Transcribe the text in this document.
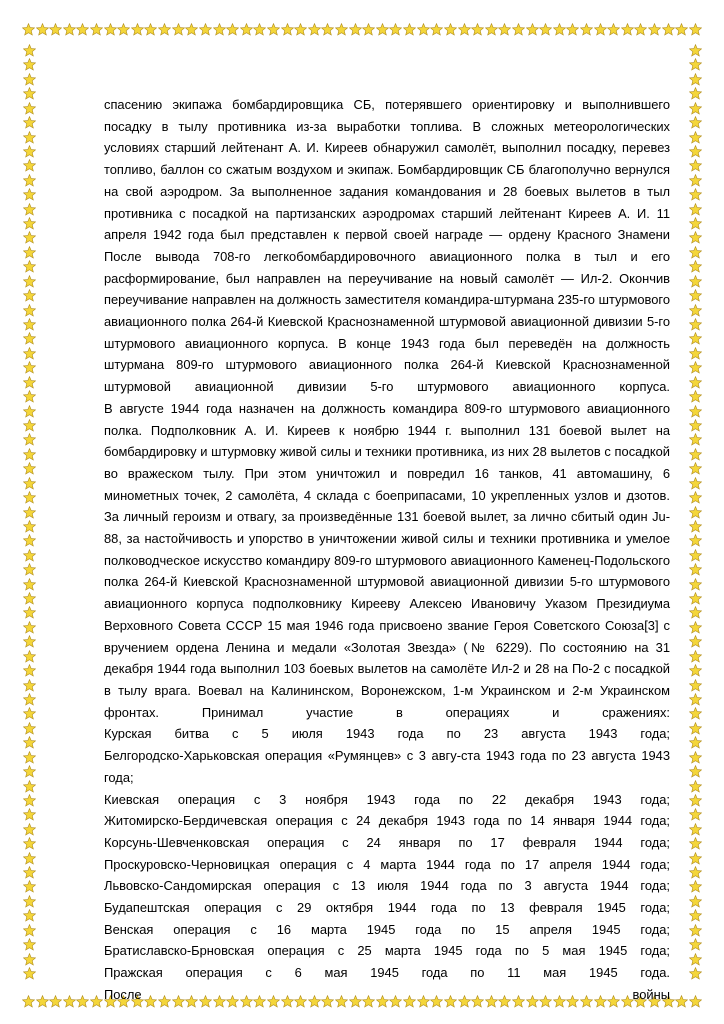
спасению экипажа бомбардировщика СБ, потерявшего ориентировку и выполнившего посадку в тылу противника из-за выработки топлива. В сложных метеорологических условиях старший лейтенант А. И. Киреев обнаружил самолёт, выполнил посадку, перевез топливо, баллон со сжатым воздухом и экипаж. Бомбардировщик СБ благополучно вернулся на свой аэродром. За выполненное задания командования и 28 боевых вылетов в тыл противника с посадкой на партизанских аэродромах старший лейтенант Киреев А. И. 11 апреля 1942 года был представлен к первой своей награде — ордену Красного Знамени

После вывода 708-го легкобомбардировочного авиационного полка в тыл и его расформирование, был направлен на переучивание на новый самолёт — Ил-2. Окончив переучивание направлен на должность заместителя командира-штурмана 235-го штурмового авиационного полка 264-й Киевской Краснознаменной штурмовой авиационной дивизии 5-го штурмового авиационного корпуса. В конце 1943 года был переведён на должность штурмана 809-го штурмового авиационного полка 264-й Киевской Краснознаменной штурмовой авиационной дивизии 5-го штурмового авиационного корпуса.

В августе 1944 года назначен на должность командира 809-го штурмового авиационного полка. Подполковник А. И. Киреев к ноябрю 1944 г. выполнил 131 боевой вылет на бомбардировку и штурмовку живой силы и техники противника, из них 28 вылетов с посадкой во вражеском тылу. При этом уничтожил и повредил 16 танков, 41 автомашину, 6 минометных точек, 2 самолёта, 4 склада с боеприпасами, 10 укрепленных узлов и дзотов.

За личный героизм и отвагу, за произведённые 131 боевой вылет, за лично сбитый один Ju-88, за настойчивость и упорство в уничтожении живой силы и техники противника и умелое полководческое искусство командиру 809-го штурмового авиационного Каменец-Подольского полка 264-й Киевской Краснознаменной штурмовой авиационной дивизии 5-го штурмового авиационного корпуса подполковнику Кирееву Алексею Ивановичу Указом Президиума Верховного Совета СССР 15 мая 1946 года присвоено звание Героя Советского Союза[3] с вручением ордена Ленина и медали «Золотая Звезда» (№ 6229). По состоянию на 31 декабря 1944 года выполнил 103 боевых вылетов на самолёте Ил-2 и 28 на По-2 с посадкой в тылу врага. Воевал на Калининском, Воронежском, 1-м Украинском и 2-м Украинском фронтах. Принимал участие в операциях и сражениях:

Курская битва с 5 июля 1943 года по 23 августа 1943 года;

Белгородско-Харьковская операция «Румянцев» с 3 авгу-ста 1943 года по 23 августа 1943 года;

Киевская операция с 3 ноября 1943 года по 22 декабря 1943 года;

Житомирско-Бердичевская операция с 24 декабря 1943 года по 14 января 1944 года;

Корсунь-Шевченковская операция с 24 января по 17 февраля 1944 года;

Проскуровско-Черновицкая операция с 4 марта 1944 года по 17 апреля 1944 года;

Львовско-Сандомирская операция с 13 июля 1944 года по 3 августа 1944 года;

Будапештская операция с 29 октября 1944 года по 13 февраля 1945 года;

Венская операция с 16 марта 1945 года по 15 апреля 1945 года;

Братиславско-Брновская операция с 25 марта 1945 года по 5 мая 1945 года;

Пражская операция с 6 мая 1945 года по 11 мая 1945 года.

После войны
